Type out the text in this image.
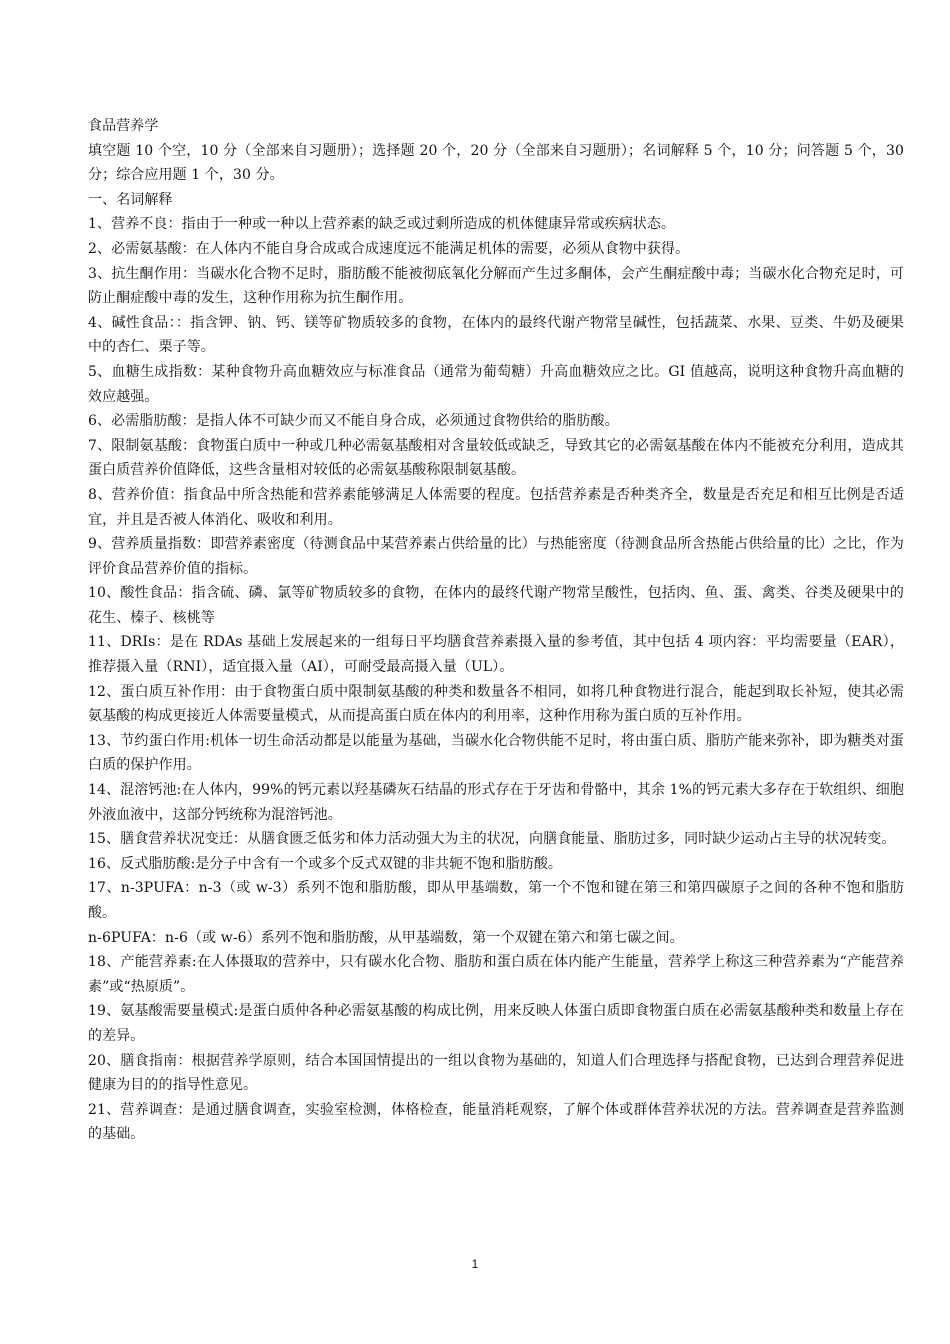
食品营养学
填空题 10 个空，10 分（全部来自习题册）；选择题 20 个，20 分（全部来自习题册）；名词解释 5 个，10 分；问答题 5 个，30 分；综合应用题 1 个，30 分。
一、名词解释
1、营养不良：指由于一种或一种以上营养素的缺乏或过剩所造成的机体健康异常或疾病状态。
2、必需氨基酸：在人体内不能自身合成或合成速度远不能满足机体的需要，必须从食物中获得。
3、抗生酮作用：当碳水化合物不足时，脂肪酸不能被彻底氧化分解而产生过多酮体，会产生酮症酸中毒；当碳水化合物充足时，可防止酮症酸中毒的发生，这种作用称为抗生酮作用。
4、碱性食品：：指含钾、钠、钙、镁等矿物质较多的食物，在体内的最终代谢产物常呈碱性，包括蔬菜、水果、豆类、牛奶及硬果中的杏仁、栗子等。
5、血糖生成指数：某种食物升高血糖效应与标准食品（通常为葡萄糖）升高血糖效应之比。GI 值越高，说明这种食物升高血糖的效应越强。
6、必需脂肪酸：是指人体不可缺少而又不能自身合成，必须通过食物供给的脂肪酸。
7、限制氨基酸：食物蛋白质中一种或几种必需氨基酸相对含量较低或缺乏，导致其它的必需氨基酸在体内不能被充分利用，造成其蛋白质营养价值降低，这些含量相对较低的必需氨基酸称限制氨基酸。
8、营养价值：指食品中所含热能和营养素能够满足人体需要的程度。包括营养素是否种类齐全，数量是否充足和相互比例是否适宜，并且是否被人体消化、吸收和利用。
9、营养质量指数：即营养素密度（待测食品中某营养素占供给量的比）与热能密度（待测食品所含热能占供给量的比）之比，作为评价食品营养价值的指标。
10、酸性食品：指含硫、磷、氯等矿物质较多的食物，在体内的最终代谢产物常呈酸性，包括肉、鱼、蛋、禽类、谷类及硬果中的花生、榛子、核桃等
11、DRIs：是在 RDAs 基础上发展起来的一组每日平均膳食营养素摄入量的参考值，其中包括 4 项内容：平均需要量（EAR），推荐摄入量（RNI），适宜摄入量（AI），可耐受最高摄入量（UL）。
12、蛋白质互补作用：由于食物蛋白质中限制氨基酸的种类和数量各不相同，如将几种食物进行混合，能起到取长补短，使其必需氨基酸的构成更接近人体需要量模式，从而提高蛋白质在体内的利用率，这种作用称为蛋白质的互补作用。
13、节约蛋白作用:机体一切生命活动都是以能量为基础，当碳水化合物供能不足时，将由蛋白质、脂肪产能来弥补，即为糖类对蛋白质的保护作用。
14、混溶钙池:在人体内，99%的钙元素以羟基磷灰石结晶的形式存在于牙齿和骨骼中，其余 1%的钙元素大多存在于软组织、细胞外液血液中，这部分钙统称为混溶钙池。
15、膳食营养状况变迁：从膳食匮乏低劣和体力活动强大为主的状况，向膳食能量、脂肪过多，同时缺少运动占主导的状况转变。
16、反式脂肪酸:是分子中含有一个或多个反式双键的非共轭不饱和脂肪酸。
17、n-3PUFA：n-3（或 w-3）系列不饱和脂肪酸，即从甲基端数，第一个不饱和键在第三和第四碳原子之间的各种不饱和脂肪酸。
n-6PUFA：n-6（或 w-6）系列不饱和脂肪酸，从甲基端数，第一个双键在第六和第七碳之间。
18、产能营养素:在人体摄取的营养中，只有碳水化合物、脂肪和蛋白质在体内能产生能量，营养学上称这三种营养素为“产能营养素”或“热原质”。
19、氨基酸需要量模式:是蛋白质仲各种必需氨基酸的构成比例，用来反映人体蛋白质即食物蛋白质在必需氨基酸种类和数量上存在的差异。
20、膳食指南：根据营养学原则，结合本国国情提出的一组以食物为基础的，知道人们合理选择与搭配食物，已达到合理营养促进健康为目的的指导性意见。
21、营养调查：是通过膳食调查，实验室检测，体格检查，能量消耗观察，了解个体或群体营养状况的方法。营养调查是营养监测的基础。
1
